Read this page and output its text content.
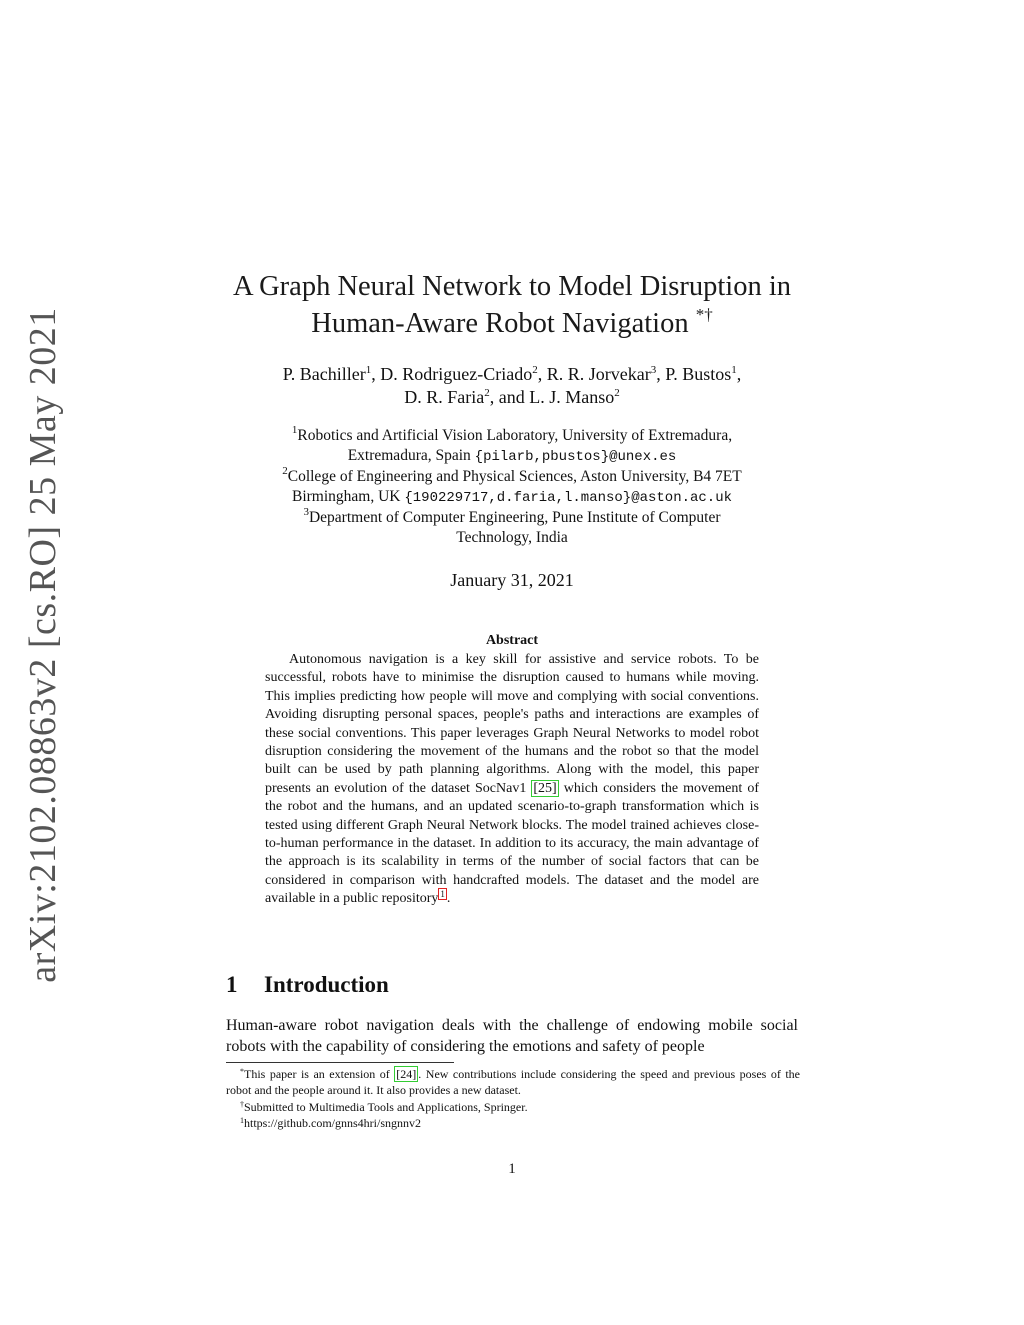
arXiv:2102.08863v2 [cs.RO] 25 May 2021
A Graph Neural Network to Model Disruption in
Human-Aware Robot Navigation *†
P. Bachiller$^1$, D. Rodriguez-Criado$^2$, R. R. Jorvekar$^3$, P. Bustos$^1$,
D. R. Faria$^2$, and L. J. Manso$^2$
$^1$Robotics and Artificial Vision Laboratory, University of Extremadura,
Extremadura, Spain {pilarb,pbustos}@unex.es
$^2$College of Engineering and Physical Sciences, Aston University, B4 7ET
Birmingham, UK {190229717,d.faria,l.manso}@aston.ac.uk
$^3$Department of Computer Engineering, Pune Institute of Computer
Technology, India
January 31, 2021
Abstract
Autonomous navigation is a key skill for assistive and service robots. To be successful, robots have to minimise the disruption caused to humans while moving. This implies predicting how people will move and complying with social conventions. Avoiding disrupting personal spaces, people's paths and interactions are examples of these social conventions. This paper leverages Graph Neural Networks to model robot disruption considering the movement of the humans and the robot so that the model built can be used by path planning algorithms. Along with the model, this paper presents an evolution of the dataset SocNav1 [25] which considers the movement of the robot and the humans, and an updated scenario-to-graph transformation which is tested using different Graph Neural Network blocks. The model trained achieves close-to-human performance in the dataset. In addition to its accuracy, the main advantage of the approach is its scalability in terms of the number of social factors that can be considered in comparison with handcrafted models. The dataset and the model are available in a public repository $^1$ .
1 Introduction
Human-aware robot navigation deals with the challenge of endowing mobile social robots with the capability of considering the emotions and safety of people

*This paper is an extension of [24] . New contributions include considering the speed and previous poses of the robot and the people around it. It also provides a new dataset.

†Submitted to Multimedia Tools and Applications, Springer.

$^1$https://github.com/gnns4hri/sngnnv2

1
